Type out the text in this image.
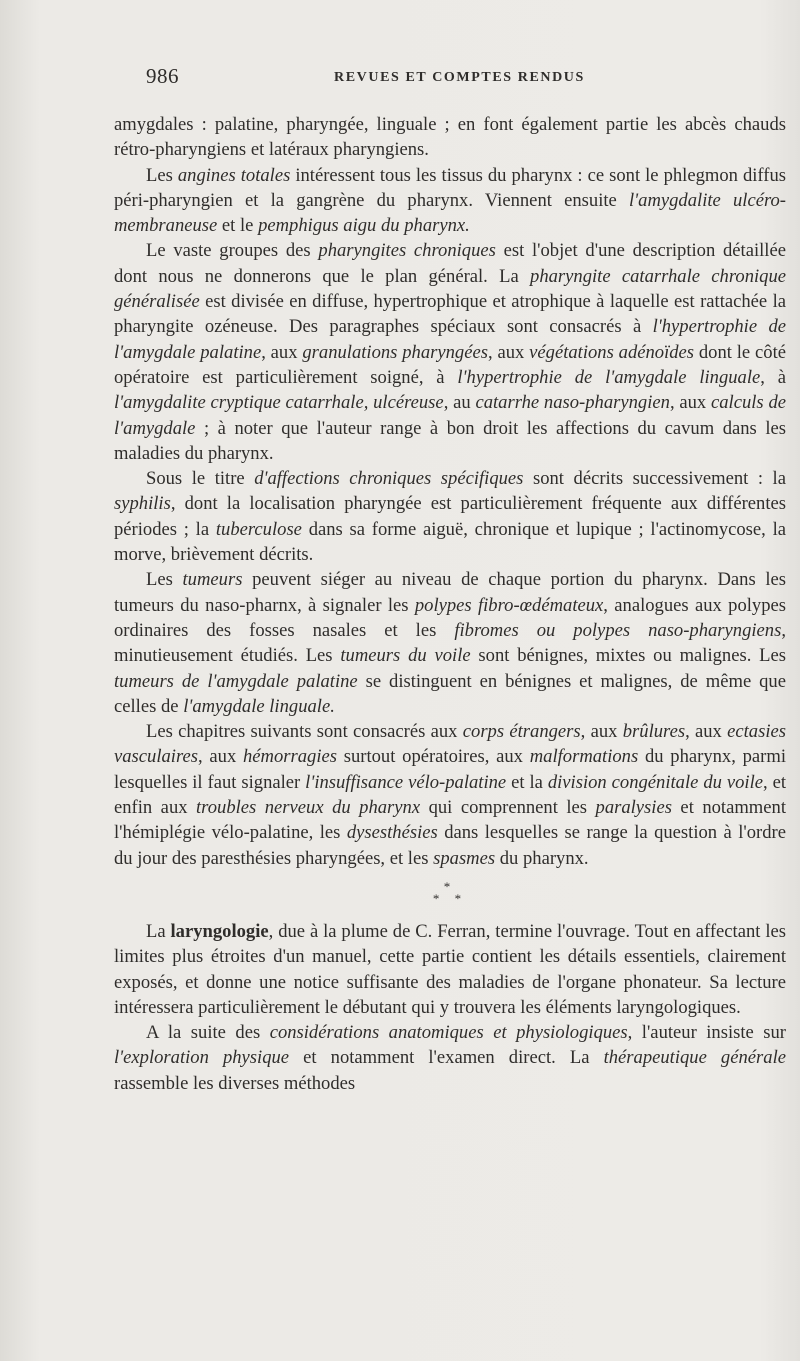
986	REVUES ET COMPTES RENDUS

amygdales : palatine, pharyngée, linguale ; en font également partie les abcès chauds rétro-pharyngiens et latéraux pharyngiens.

Les angines totales intéressent tous les tissus du pharynx : ce sont le phlegmon diffus péri-pharyngien et la gangrène du pharynx. Viennent ensuite l'amygdalite ulcéro-membraneuse et le pemphigus aigu du pharynx.

Le vaste groupes des pharyngites chroniques est l'objet d'une description détaillée dont nous ne donnerons que le plan général. La pharyngite catarrhale chronique généralisée est divisée en diffuse, hypertrophique et atrophique à laquelle est rattachée la pharyngite ozéneuse. Des paragraphes spéciaux sont consacrés à l'hypertrophie de l'amygdale palatine, aux granulations pharyngées, aux végétations adénoïdes dont le côté opératoire est particulièrement soigné, à l'hypertrophie de l'amygdale linguale, à l'amygdalite cryptique catarrhale, ulcéreuse, au catarrhe naso-pharyngien, aux calculs de l'amygdale ; à noter que l'auteur range à bon droit les affections du cavum dans les maladies du pharynx.

Sous le titre d'affections chroniques spécifiques sont décrits successivement : la syphilis, dont la localisation pharyngée est particulièrement fréquente aux différentes périodes ; la tuberculose dans sa forme aiguë, chronique et lupique ; l'actinomycose, la morve, brièvement décrits.

Les tumeurs peuvent siéger au niveau de chaque portion du pharynx. Dans les tumeurs du naso-pharnx, à signaler les polypes fibro-œdémateux, analogues aux polypes ordinaires des fosses nasales et les fibromes ou polypes naso-pharyngiens, minutieusement étudiés. Les tumeurs du voile sont bénignes, mixtes ou malignes. Les tumeurs de l'amygdale palatine se distinguent en bénignes et malignes, de même que celles de l'amygdale linguale.

Les chapitres suivants sont consacrés aux corps étrangers, aux brûlures, aux ectasies vasculaires, aux hémorragies surtout opératoires, aux malformations du pharynx, parmi lesquelles il faut signaler l'insuffisance vélo-palatine et la division congénitale du voile, et enfin aux troubles nerveux du pharynx qui comprennent les paralysies et notamment l'hémiplégie vélo-palatine, les dysesthésies dans lesquelles se range la question à l'ordre du jour des paresthésies pharyngées, et les spasmes du pharynx.

*
* *

La laryngologie, due à la plume de C. Ferran, termine l'ouvrage. Tout en affectant les limites plus étroites d'un manuel, cette partie contient les détails essentiels, clairement exposés, et donne une notice suffisante des maladies de l'organe phonateur. Sa lecture intéressera particulièrement le débutant qui y trouvera les éléments laryngologiques.

A la suite des considérations anatomiques et physiologiques, l'auteur insiste sur l'exploration physique et notamment l'examen direct. La thérapeutique générale rassemble les diverses méthodes
